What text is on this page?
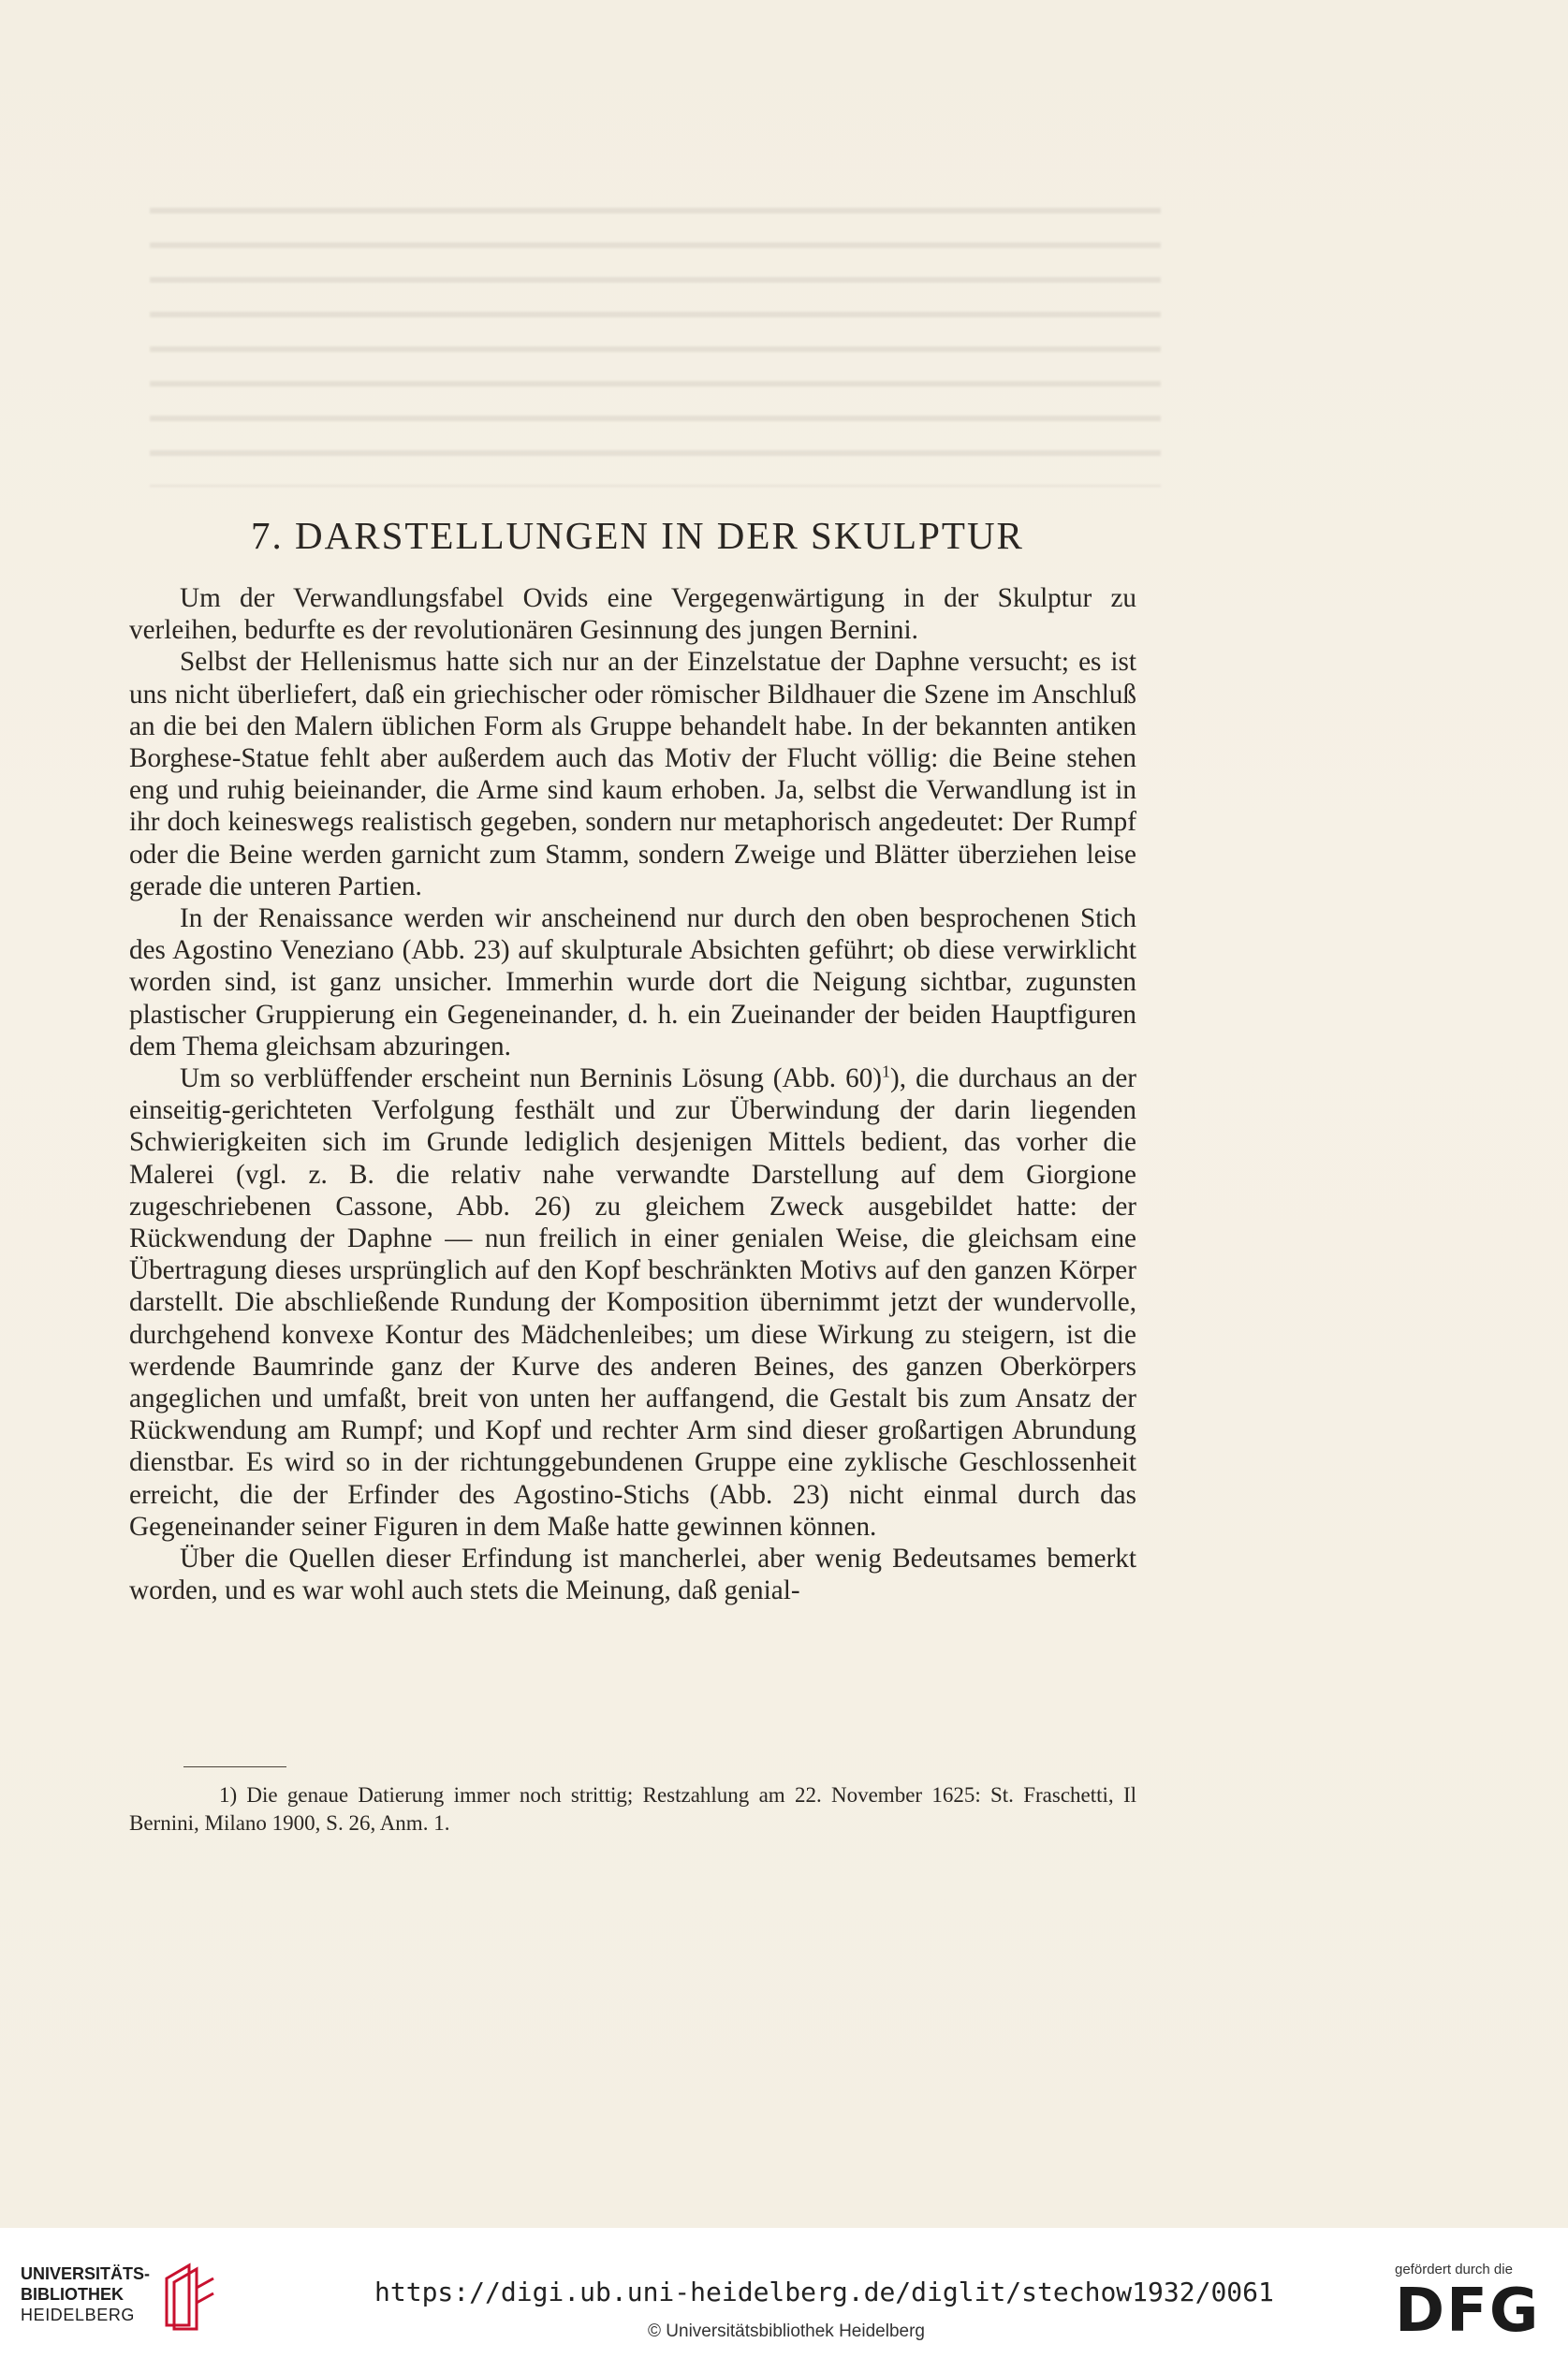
7. DARSTELLUNGEN IN DER SKULPTUR

Um der Verwandlungsfabel Ovids eine Vergegenwärtigung in der Skulptur zu verleihen, bedurfte es der revolutionären Gesinnung des jungen Bernini.

Selbst der Hellenismus hatte sich nur an der Einzelstatue der Daphne versucht; es ist uns nicht überliefert, daß ein griechischer oder römischer Bildhauer die Szene im Anschluß an die bei den Malern üblichen Form als Gruppe behandelt habe. In der bekannten antiken Borghese-Statue fehlt aber außerdem auch das Motiv der Flucht völlig: die Beine stehen eng und ruhig beieinander, die Arme sind kaum erhoben. Ja, selbst die Verwandlung ist in ihr doch keineswegs realistisch gegeben, sondern nur metaphorisch angedeutet: Der Rumpf oder die Beine werden garnicht zum Stamm, sondern Zweige und Blätter überziehen leise gerade die unteren Partien.

In der Renaissance werden wir anscheinend nur durch den oben besprochenen Stich des Agostino Veneziano (Abb. 23) auf skulpturale Absichten geführt; ob diese verwirklicht worden sind, ist ganz unsicher. Immerhin wurde dort die Neigung sichtbar, zugunsten plastischer Gruppierung ein Gegeneinander, d. h. ein Zueinander der beiden Hauptfiguren dem Thema gleichsam abzuringen.

Um so verblüffender erscheint nun Berninis Lösung (Abb. 60)$^1$), die durchaus an der einseitig-gerichteten Verfolgung festhält und zur Überwindung der darin liegenden Schwierigkeiten sich im Grunde lediglich desjenigen Mittels bedient, das vorher die Malerei (vgl. z. B. die relativ nahe verwandte Darstellung auf dem Giorgione zugeschriebenen Cassone, Abb. 26) zu gleichem Zweck ausgebildet hatte: der Rückwendung der Daphne — nun freilich in einer genialen Weise, die gleichsam eine Übertragung dieses ursprünglich auf den Kopf beschränkten Motivs auf den ganzen Körper darstellt. Die abschließende Rundung der Komposition übernimmt jetzt der wundervolle, durchgehend konvexe Kontur des Mädchenleibes; um diese Wirkung zu steigern, ist die werdende Baumrinde ganz der Kurve des anderen Beines, des ganzen Oberkörpers angeglichen und umfaßt, breit von unten her auffangend, die Gestalt bis zum Ansatz der Rückwendung am Rumpf; und Kopf und rechter Arm sind dieser großartigen Abrundung dienstbar. Es wird so in der richtunggebundenen Gruppe eine zyklische Geschlossenheit erreicht, die der Erfinder des Agostino-Stichs (Abb. 23) nicht einmal durch das Gegeneinander seiner Figuren in dem Maße hatte gewinnen können.

Über die Quellen dieser Erfindung ist mancherlei, aber wenig Bedeutsames bemerkt worden, und es war wohl auch stets die Meinung, daß genial-

1) Die genaue Datierung immer noch strittig; Restzahlung am 22. November 1625: St. Fraschetti, Il Bernini, Milano 1900, S. 26, Anm. 1.

UNIVERSITÄTS-
BIBLIOTHEK
HEIDELBERG
https://digi.ub.uni-heidelberg.de/diglit/stechow1932/0061
© Universitätsbibliothek Heidelberg
gefördert durch die
DFG
